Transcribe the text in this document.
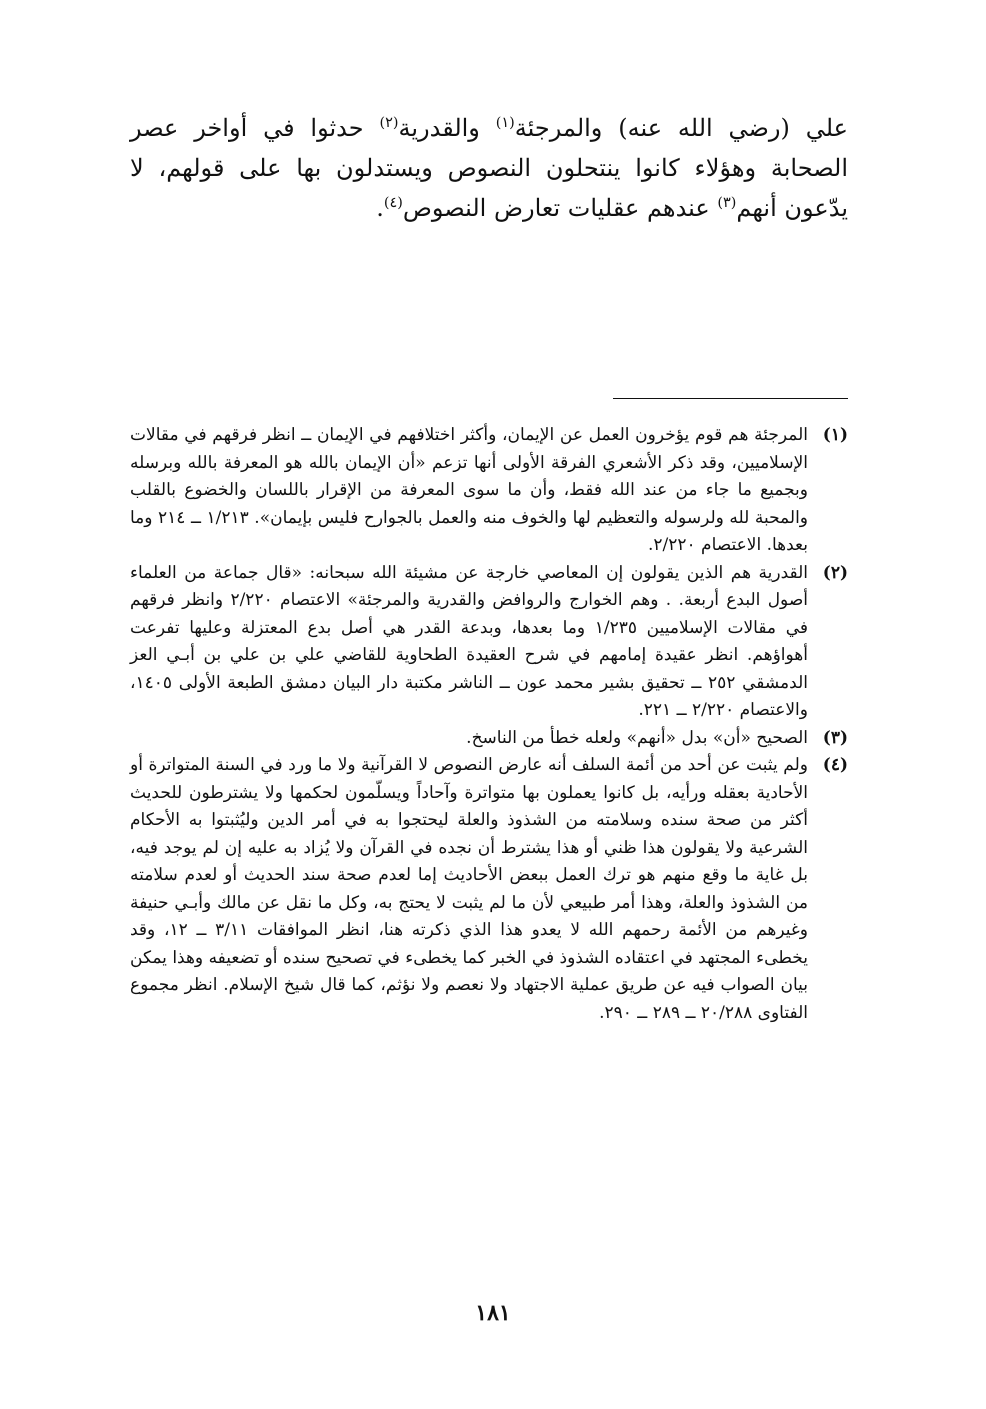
علي (رضي الله عنه) والمرجئة$^{(١)}$ والقدرية$^{(٢)}$ حدثوا في أواخر عصر الصحابة وهؤلاء كانوا ينتحلون النصوص ويستدلون بها على قولهم، لا يدّعون أنهم$^{(٣)}$ عندهم عقليات تعارض النصوص$^{(٤)}$.

(١)
المرجئة هم قوم يؤخرون العمل عن الإيمان، وأكثر اختلافهم في الإيمان ــ انظر فرقهم في مقالات الإسلاميين، وقد ذكر الأشعري الفرقة الأولى أنها تزعم «أن الإيمان بالله هو المعرفة بالله وبرسله وبجميع ما جاء من عند الله فقط، وأن ما سوى المعرفة من الإقرار باللسان والخضوع بالقلب والمحبة لله ولرسوله والتعظيم لها والخوف منه والعمل بالجوارح فليس بإيمان». ١/٢١٣ ــ ٢١٤ وما بعدها. الاعتصام ٢/٢٢٠.
(٢)
القدرية هم الذين يقولون إن المعاصي خارجة عن مشيئة الله سبحانه: «قال جماعة من العلماء أصول البدع أربعة. . وهم الخوارج والروافض والقدرية والمرجئة» الاعتصام ٢/٢٢٠ وانظر فرقهم في مقالات الإسلاميين ١/٢٣٥ وما بعدها، وبدعة القدر هي أصل بدع المعتزلة وعليها تفرعت أهواؤهم. انظر عقيدة إمامهم في شرح العقيدة الطحاوية للقاضي علي بن علي بن أبـي العز الدمشقي ٢٥٢ ــ تحقيق بشير محمد عون ــ الناشر مكتبة دار البيان دمشق الطبعة الأولى ١٤٠٥، والاعتصام ٢/٢٢٠ ــ ٢٢١.
(٣)
الصحيح «أن» بدل «أنهم» ولعله خطأ من الناسخ.
(٤)
ولم يثبت عن أحد من أئمة السلف أنه عارض النصوص لا القرآنية ولا ما ورد في السنة المتواترة أو الأحادية بعقله ورأيه، بل كانوا يعملون بها متواترة وآحاداً ويسلّمون لحكمها ولا يشترطون للحديث أكثر من صحة سنده وسلامته من الشذوذ والعلة ليحتجوا به في أمر الدين وليُثبتوا به الأحكام الشرعية ولا يقولون هذا ظني أو هذا يشترط أن نجده في القرآن ولا يُزاد به عليه إن لم يوجد فيه، بل غاية ما وقع منهم هو ترك العمل ببعض الأحاديث إما لعدم صحة سند الحديث أو لعدم سلامته من الشذوذ والعلة، وهذا أمر طبيعي لأن ما لم يثبت لا يحتج به، وكل ما نقل عن مالك وأبـي حنيفة وغيرهم من الأئمة رحمهم الله لا يعدو هذا الذي ذكرته هنا، انظر الموافقات ٣/١١ ــ ١٢، وقد يخطىء المجتهد في اعتقاده الشذوذ في الخبر كما يخطىء في تصحيح سنده أو تضعيفه وهذا يمكن بيان الصواب فيه عن طريق عملية الاجتهاد ولا نعصم ولا نؤثم، كما قال شيخ الإسلام. انظر مجموع الفتاوى ٢٠/٢٨٨ ــ ٢٨٩ ــ ٢٩٠.
١٨١
